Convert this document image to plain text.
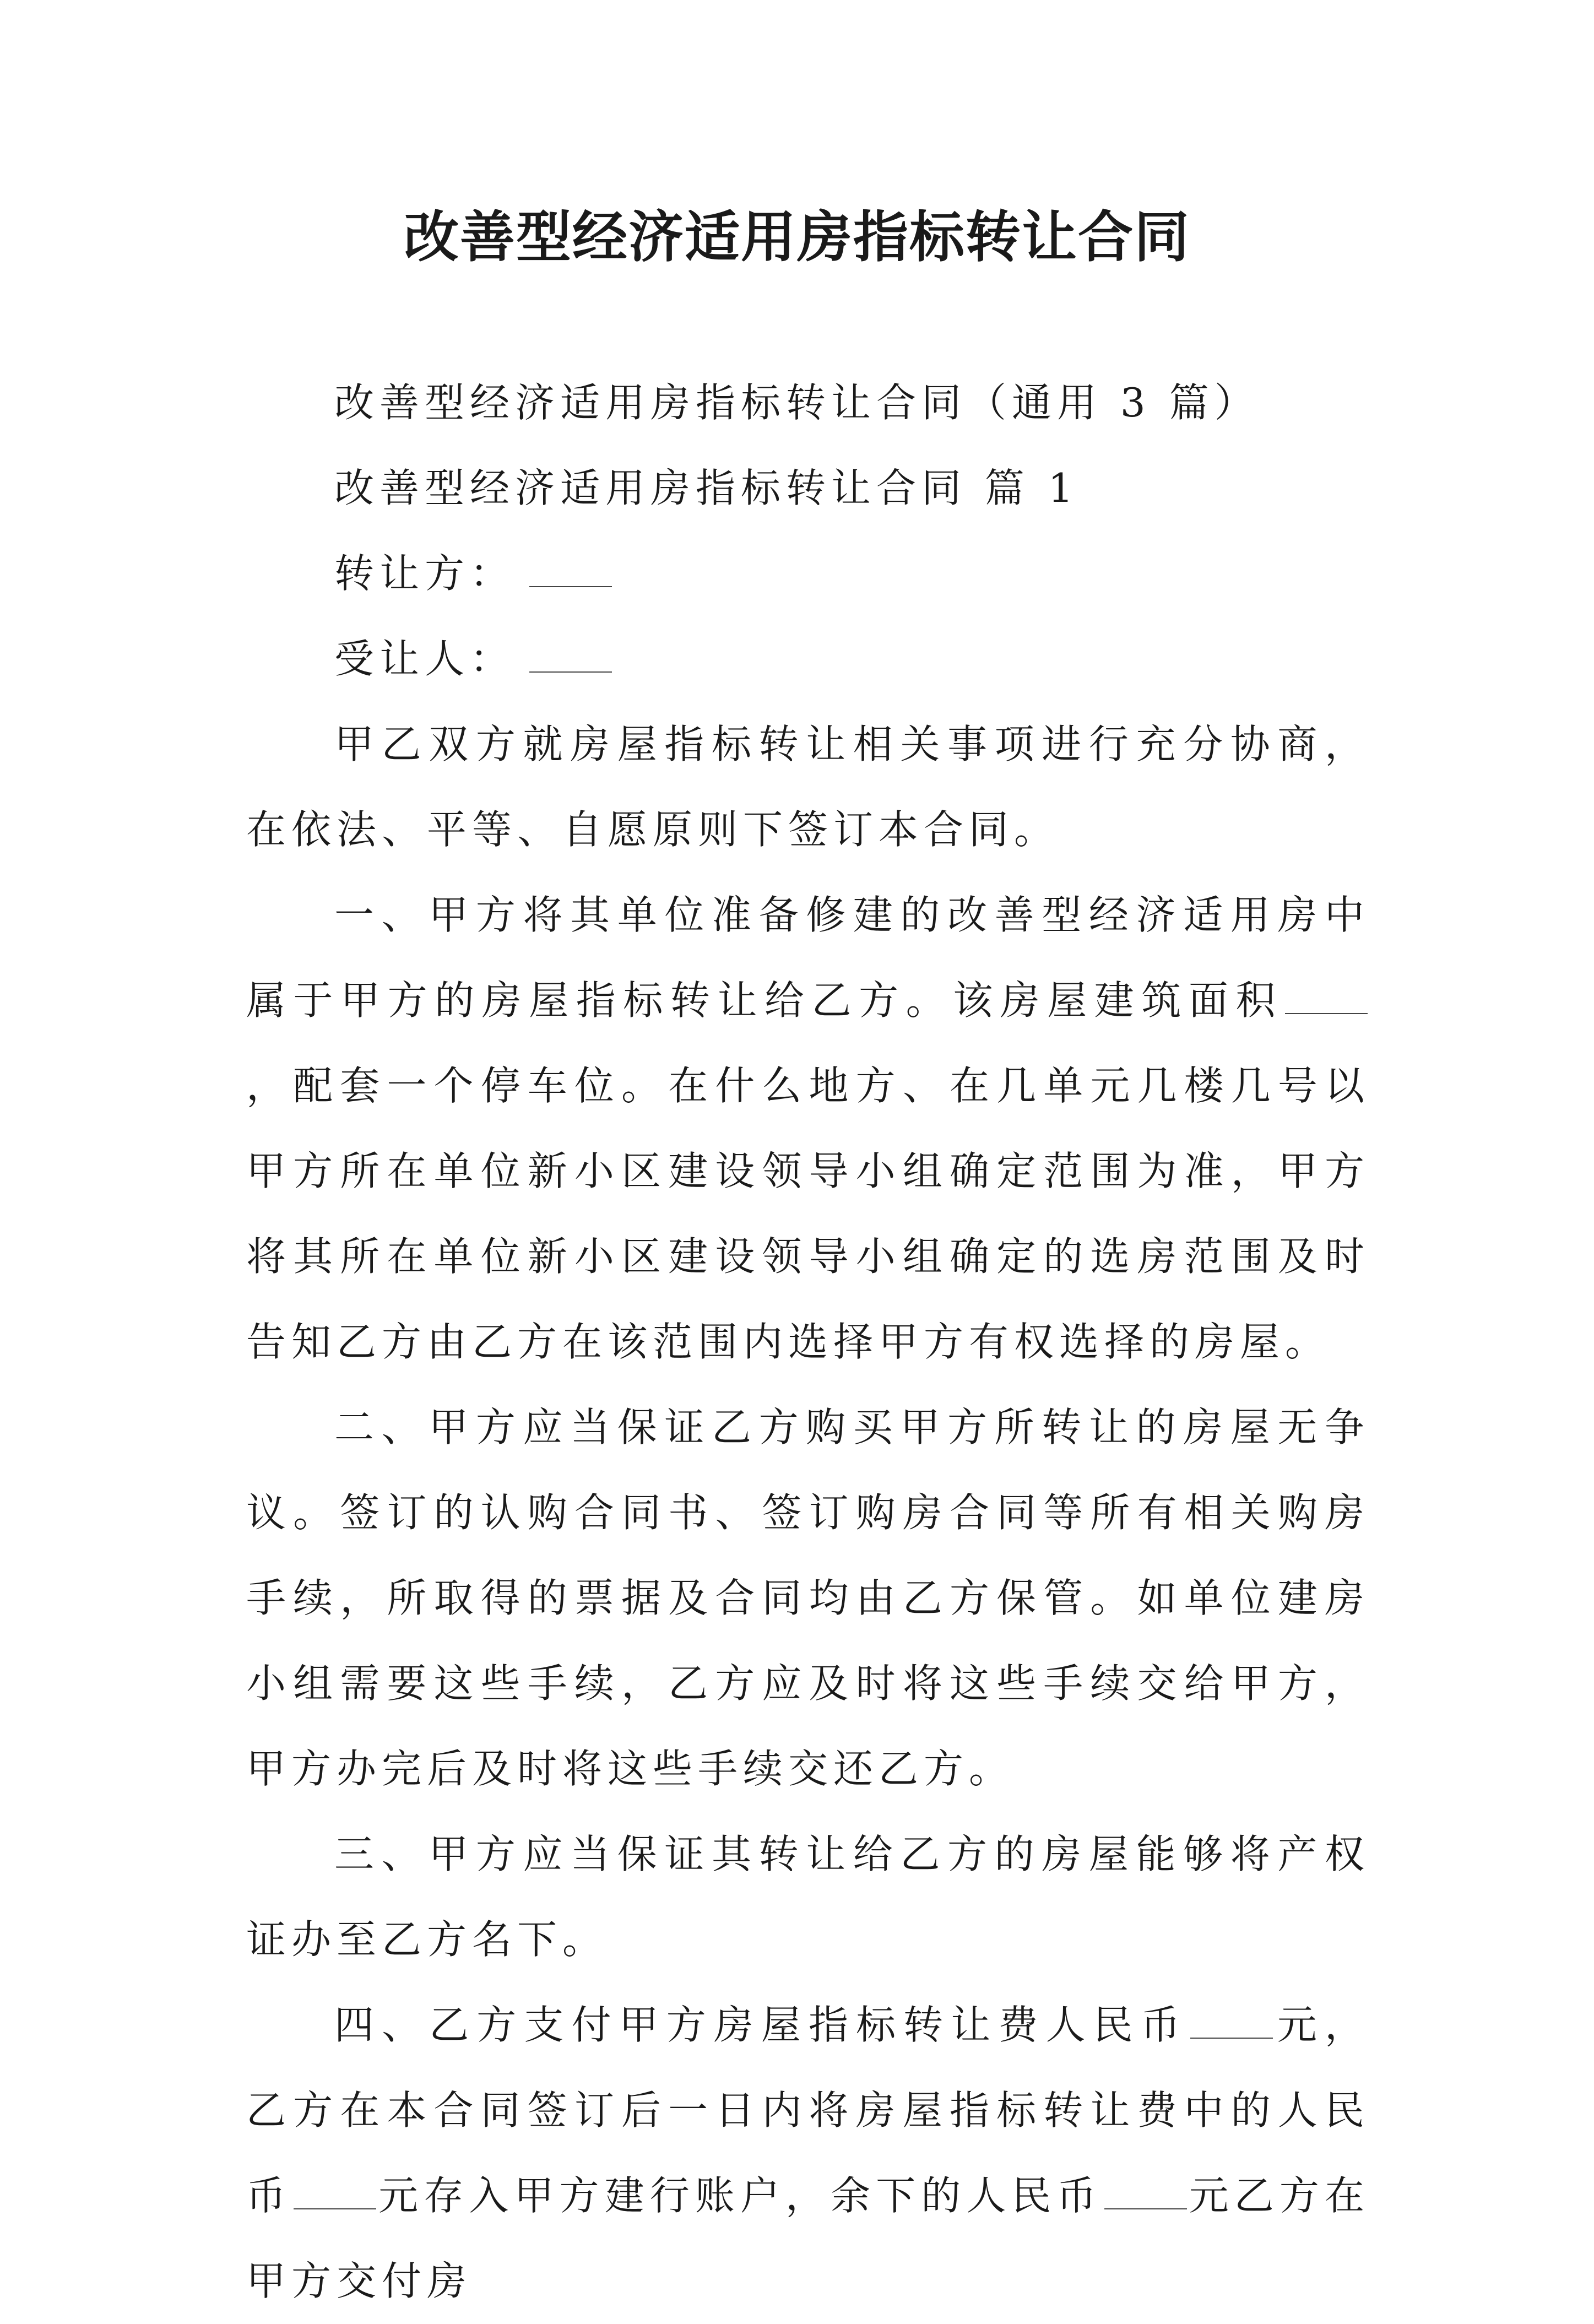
改善型经济适用房指标转让合同

改善型经济适用房指标转让合同（通用 3 篇）

改善型经济适用房指标转让合同 篇 1

转让方：

受让人：

甲乙双方就房屋指标转让相关事项进行充分协商，在依法、平等、自愿原则下签订本合同。

一、甲方将其单位准备修建的改善型经济适用房中属于甲方的房屋指标转让给乙方。该房屋建筑面积，配套一个停车位。在什么地方、在几单元几楼几号以甲方所在单位新小区建设领导小组确定范围为准，甲方将其所在单位新小区建设领导小组确定的选房范围及时告知乙方由乙方在该范围内选择甲方有权选择的房屋。

二、甲方应当保证乙方购买甲方所转让的房屋无争议。签订的认购合同书、签订购房合同等所有相关购房手续，所取得的票据及合同均由乙方保管。如单位建房小组需要这些手续，乙方应及时将这些手续交给甲方，甲方办完后及时将这些手续交还乙方。

三、甲方应当保证其转让给乙方的房屋能够将产权证办至乙方名下。

四、乙方支付甲方房屋指标转让费人民币 元，乙方在本合同签订后一日内将房屋指标转让费中的人民币 元存入甲方建行账户，余下的人民币 元乙方在甲方交付房
